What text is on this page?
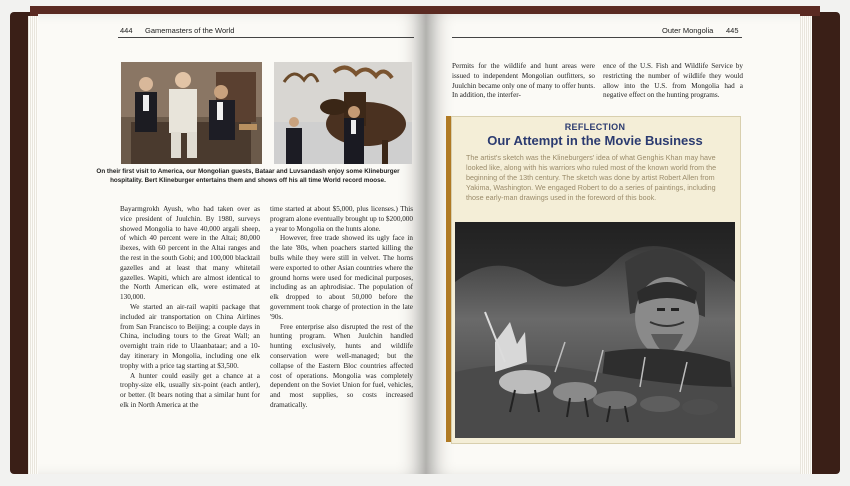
444 Gamemasters of the World
On their first visit to America, our Mongolian guests, Bataar and Luvsandash enjoy some Klineburger hospitality. Bert Klineburger entertains them and shows off his all time World record moose.

Bayarmgrokh Ayush, who had taken over as vice president of Juulchin. By 1980, surveys showed Mongolia to have 40,000 argali sheep, of which 40 percent were in the Altai; 80,000 ibexes, with 60 percent in the Altai ranges and the rest in the south Gobi; and 100,000 blacktail gazelles and at least that many whitetail gazelles. Wapiti, which are almost identical to the North American elk, were estimated at 130,000.

We started an air-rail wapiti package that included air transportation on China Airlines from San Francisco to Beijing; a couple days in China, including tours to the Great Wall; an overnight train ride to Ulaanbataar; and a 10-day itinerary in Mongolia, including one elk trophy with a price tag starting at $3,500.

A hunter could easily get a chance at a trophy-size elk, usually six-point (each antler), or better. (It bears noting that a similar hunt for elk in North America at the

time started at about $5,000, plus licenses.) This program alone eventually brought up to $200,000 a year to Mongolia on the hunts alone.

However, free trade showed its ugly face in the late '80s, when poachers started killing the bulls while they were still in velvet. The horns were exported to other Asian countries where the ground horns were used for medicinal purposes, including as an aphrodisiac. The population of elk dropped to about 50,000 before the government took charge of protection in the late '90s.

Free enterprise also disrupted the rest of the hunting program. When Juulchin handled hunting exclusively, hunts and wildlife conservation were well-managed; but the collapse of the Eastern Bloc countries affected cost of operations. Mongolia was completely dependent on the Soviet Union for fuel, vehicles, and most supplies, so costs increased dramatically.

Outer Mongolia 445

Permits for the wildlife and hunt areas were issued to independent Mongolian outfitters, so Juulchin became only one of many to offer hunts. In addition, the interfer-

ence of the U.S. Fish and Wildlife Service by restricting the number of wildlife they would allow into the U.S. from Mongolia had a negative effect on the hunting programs.

REFLECTION
Our Attempt in the Movie Business
The artist's sketch was the Klineburgers' idea of what Genghis Khan may have looked like, along with his warriors who ruled most of the known world from the beginning of the 13th century. The sketch was done by artist Robert Allen from Yakima, Washington. We engaged Robert to do a series of paintings, including those early-man drawings used in the foreword of this book.
